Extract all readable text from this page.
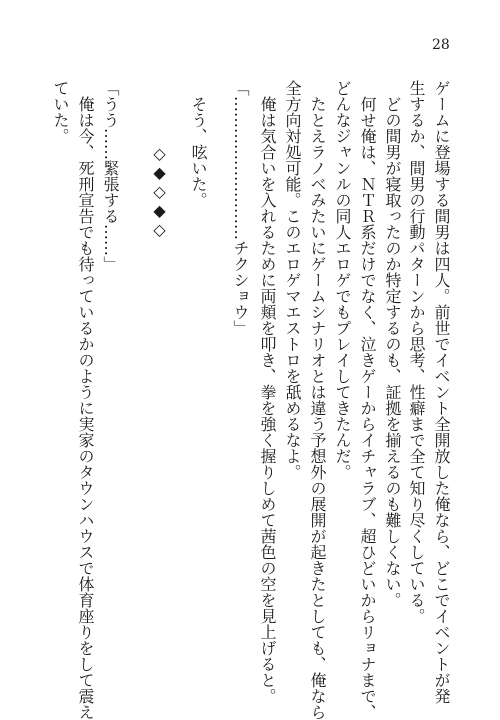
28
ゲームに登場する間男は四人。前世でイベント全開放した俺なら、どこでイベントが発
生するか、間男の行動パターンから思考、性癖まで全て知り尽くしている。
どの間男が寝取ったのか特定するのも、証拠を揃えるのも難しくない。
何せ俺は、ＮＴＲ系だけでなく、泣きゲーからイチャラブ、超ひどいからリョナまで、
どんなジャンルの同人エロゲでもプレイしてきたんだ。
たとえラノベみたいにゲームシナリオとは違う予想外の展開が起きたとしても、俺なら
全方向対処可能。このエロゲマエストロを舐めるなよ。
俺は気合いを入れるために両頬を叩き、拳を強く握りしめて茜色の空を見上げると。
「………………………チクショウ」
そう、呟いた。
◇◆◇◆◇
「うう……緊張する……」
俺は今、死刑宣告でも待っているかのように実家のタウンハウスで体育座りをして震え
ていた。
